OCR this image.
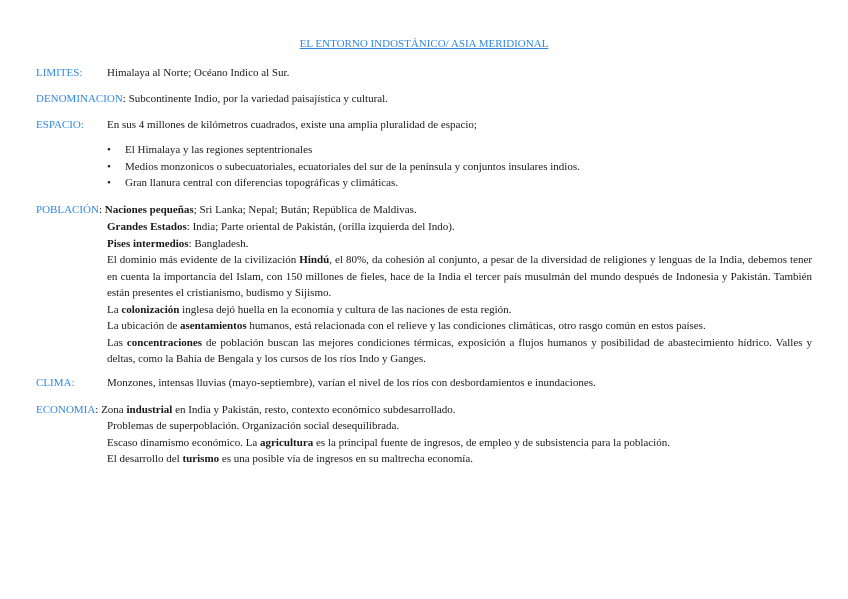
EL ENTORNO INDOSTÁNICO/ ASIA MERIDIONAL
LIMITES: Himalaya al Norte; Océano Indico al Sur.
DENOMINACION: Subcontinente Indio, por la variedad paisajística y cultural.
ESPACIO: En sus 4 millones de kilómetros cuadrados, existe una amplia pluralidad de espacio;
• El Himalaya y las regiones septentrionales
• Medios monzonicos o subecuatoriales, ecuatoriales del sur de la península y conjuntos insulares indios.
• Gran llanura central con diferencias topográficas y climáticas.
POBLACIÓN: Naciones pequeñas; Sri Lanka; Nepal; Bután; República de Maldivas.
Grandes Estados: India; Parte oriental de Pakistán, (orilla izquierda del Indo).
Pises intermedios: Bangladesh.
El dominio más evidente de la civilización Hindú, el 80%, da cohesión al conjunto, a pesar de la diversidad de religiones y lenguas de la India, debemos tener en cuenta la importancia del Islam, con 150 millones de fieles, hace de la India el tercer país musulmán del mundo después de Indonesia y Pakistán. También están presentes el cristianismo, budismo y Sijismo.
La colonización inglesa dejó huella en la economía y cultura de las naciones de esta región.
La ubicación de asentamientos humanos, está relacionada con el relieve y las condiciones climáticas, otro rasgo común en estos países.
Las concentraciones de población buscan las mejores condiciones térmicas, exposición a flujos humanos y posibilidad de abastecimiento hídrico. Valles y deltas, como la Bahía de Bengala y los cursos de los ríos Indo y Ganges.
CLIMA:	Monzones, intensas lluvias (mayo-septiembre), varían el nivel de los ríos con desbordamientos e inundaciones.
ECONOMIA: Zona industrial en India y Pakistán, resto, contexto económico subdesarrollado.
Problemas de superpoblación. Organización social desequilibrada.
Escaso dinamismo económico. La agricultura es la principal fuente de ingresos, de empleo y de subsistencia para la población.
El desarrollo del turismo es una posible vía de ingresos en su maltrecha economía.
